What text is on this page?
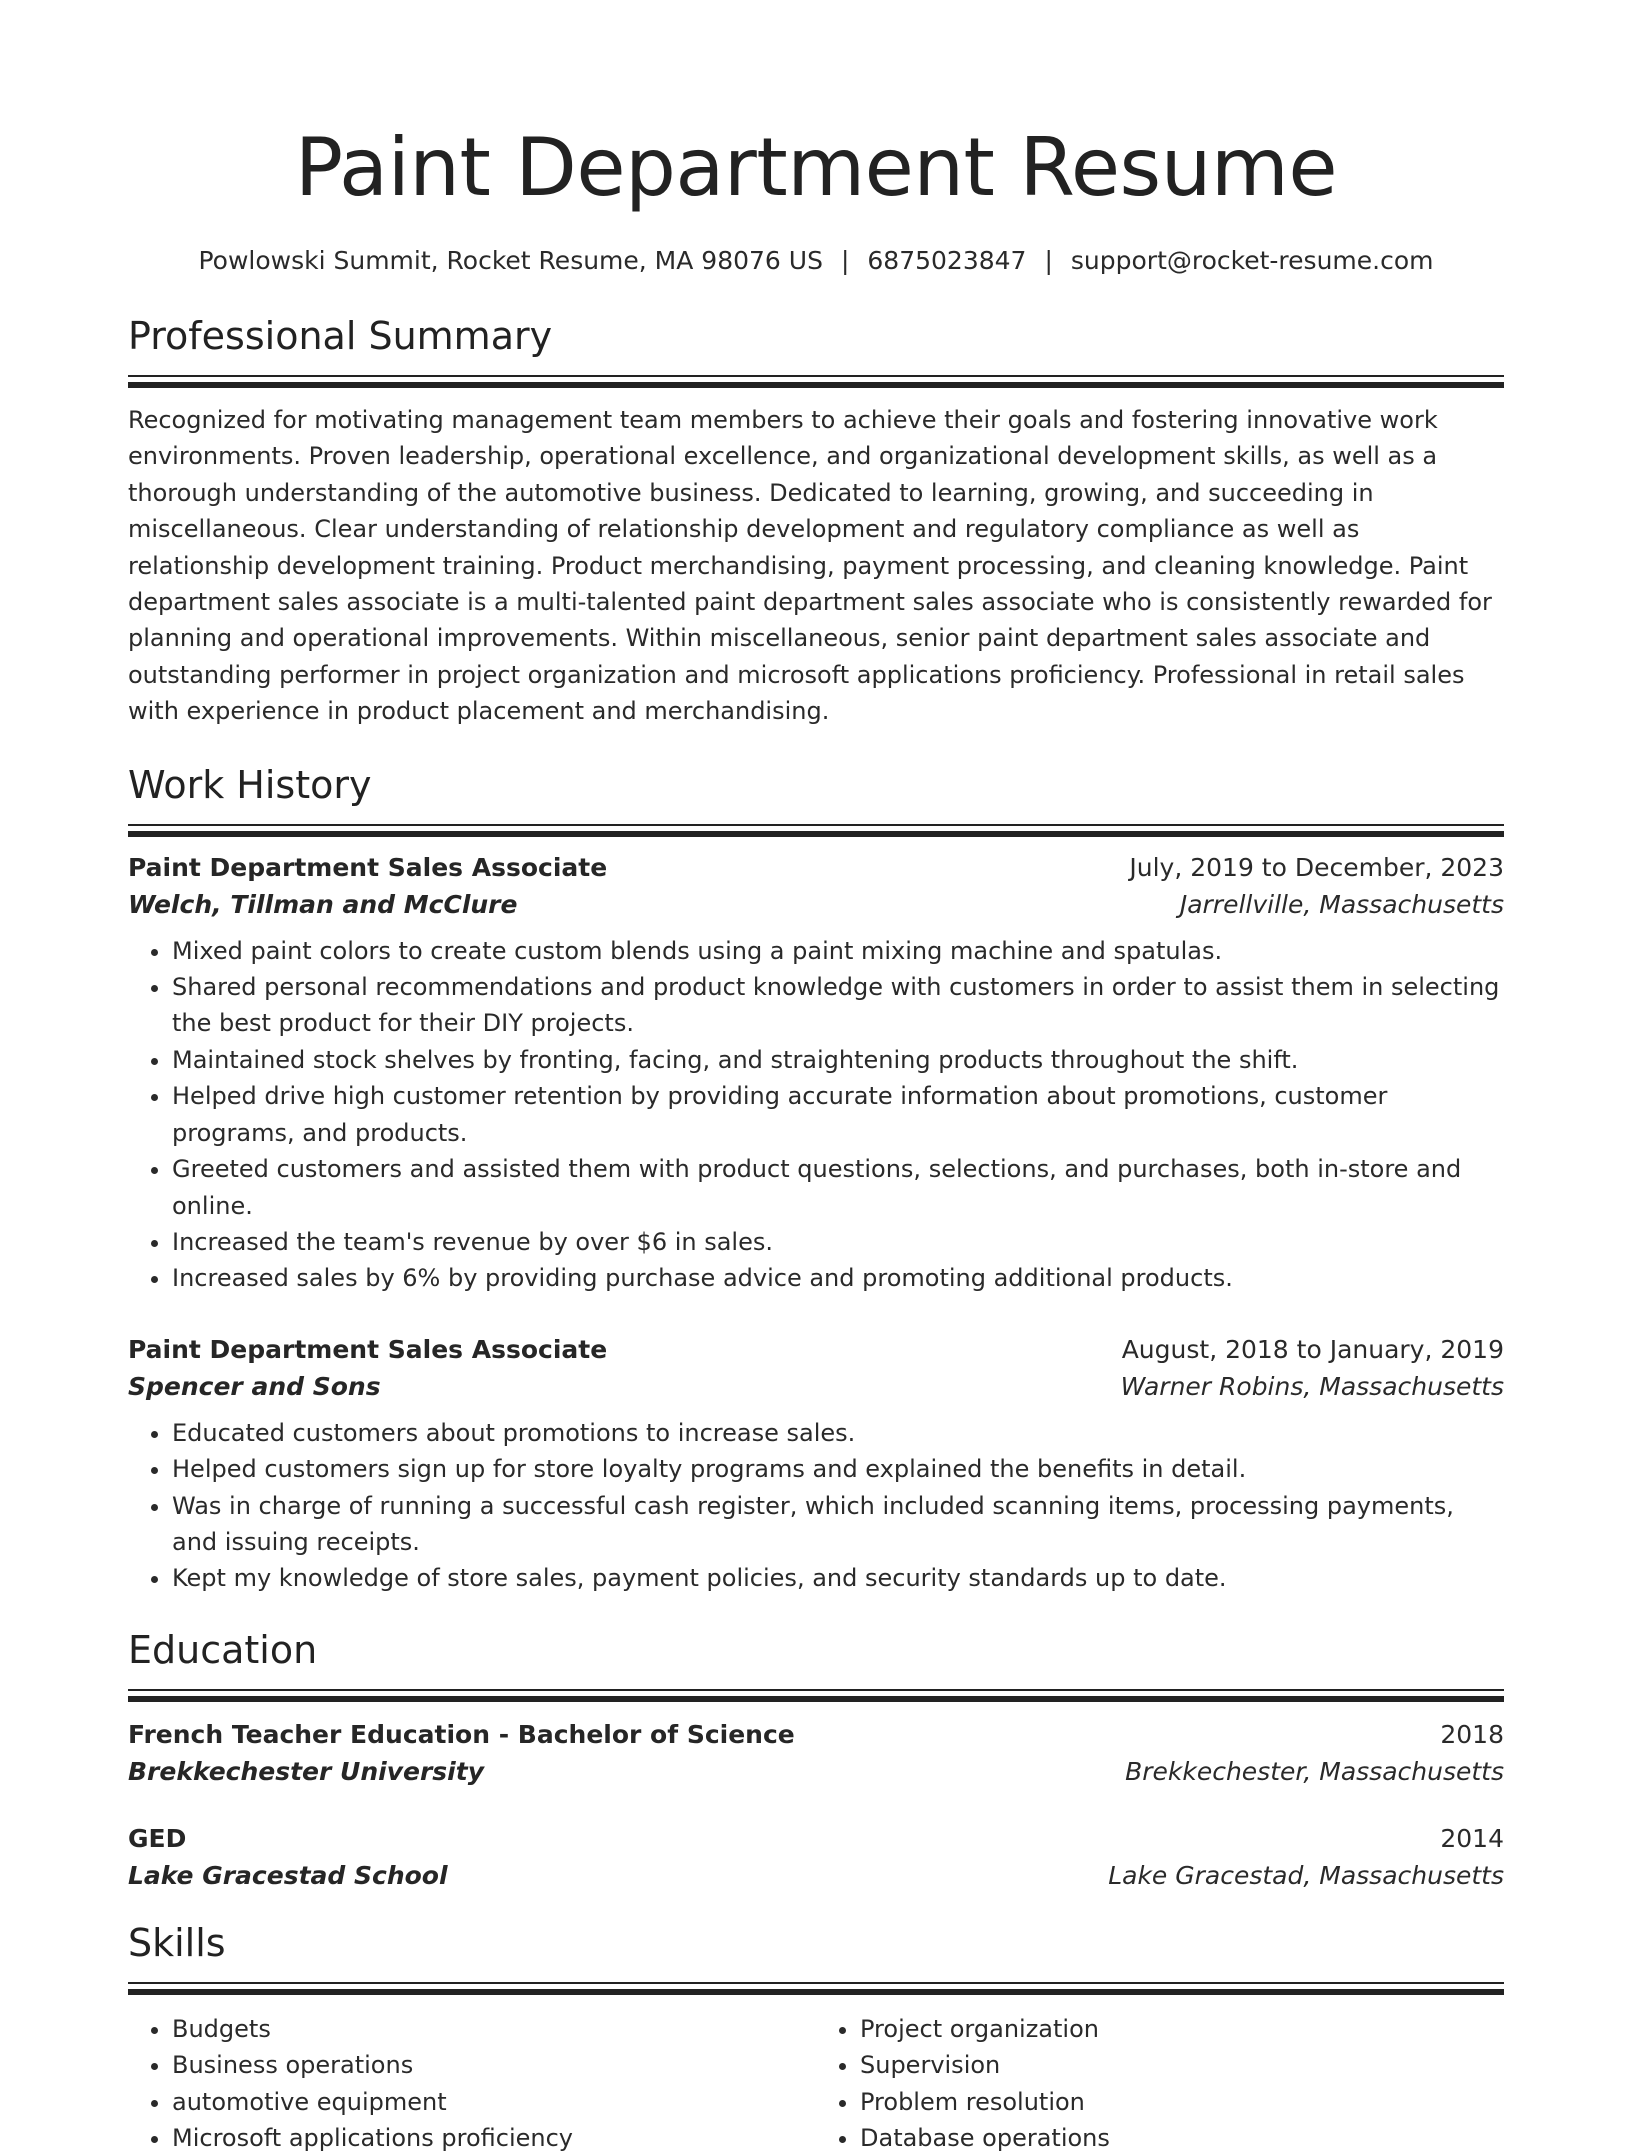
Paint Department Resume
Powlowski Summit, Rocket Resume, MA 98076 US | 6875023847 | support@rocket-resume.com
Professional Summary

Recognized for motivating management team members to achieve their goals and fostering innovative work environments. Proven leadership, operational excellence, and organizational development skills, as well as a thorough understanding of the automotive business. Dedicated to learning, growing, and succeeding in miscellaneous. Clear understanding of relationship development and regulatory compliance as well as relationship development training. Product merchandising, payment processing, and cleaning knowledge. Paint department sales associate is a multi-talented paint department sales associate who is consistently rewarded for planning and operational improvements. Within miscellaneous, senior paint department sales associate and outstanding performer in project organization and microsoft applications proficiency. Professional in retail sales with experience in product placement and merchandising.

Work History
Paint Department Sales Associate	July, 2019 to December, 2023
Welch, Tillman and McClure	Jarrellville, Massachusetts
• Mixed paint colors to create custom blends using a paint mixing machine and spatulas.
• Shared personal recommendations and product knowledge with customers in order to assist them in selecting the best product for their DIY projects.
• Maintained stock shelves by fronting, facing, and straightening products throughout the shift.
• Helped drive high customer retention by providing accurate information about promotions, customer programs, and products.
• Greeted customers and assisted them with product questions, selections, and purchases, both in-store and online.
• Increased the team's revenue by over $6 in sales.
• Increased sales by 6% by providing purchase advice and promoting additional products.
Paint Department Sales Associate	August, 2018 to January, 2019
Spencer and Sons	Warner Robins, Massachusetts
• Educated customers about promotions to increase sales.
• Helped customers sign up for store loyalty programs and explained the benefits in detail.
• Was in charge of running a successful cash register, which included scanning items, processing payments, and issuing receipts.
• Kept my knowledge of store sales, payment policies, and security standards up to date.
Education
French Teacher Education - Bachelor of Science	2018
Brekkechester University	Brekkechester, Massachusetts
GED	2014
Lake Gracestad School	Lake Gracestad, Massachusetts
Skills
• Budgets
• Business operations
• automotive equipment
• Microsoft applications proficiency
• Project organization
• Supervision
• Problem resolution
• Database operations
